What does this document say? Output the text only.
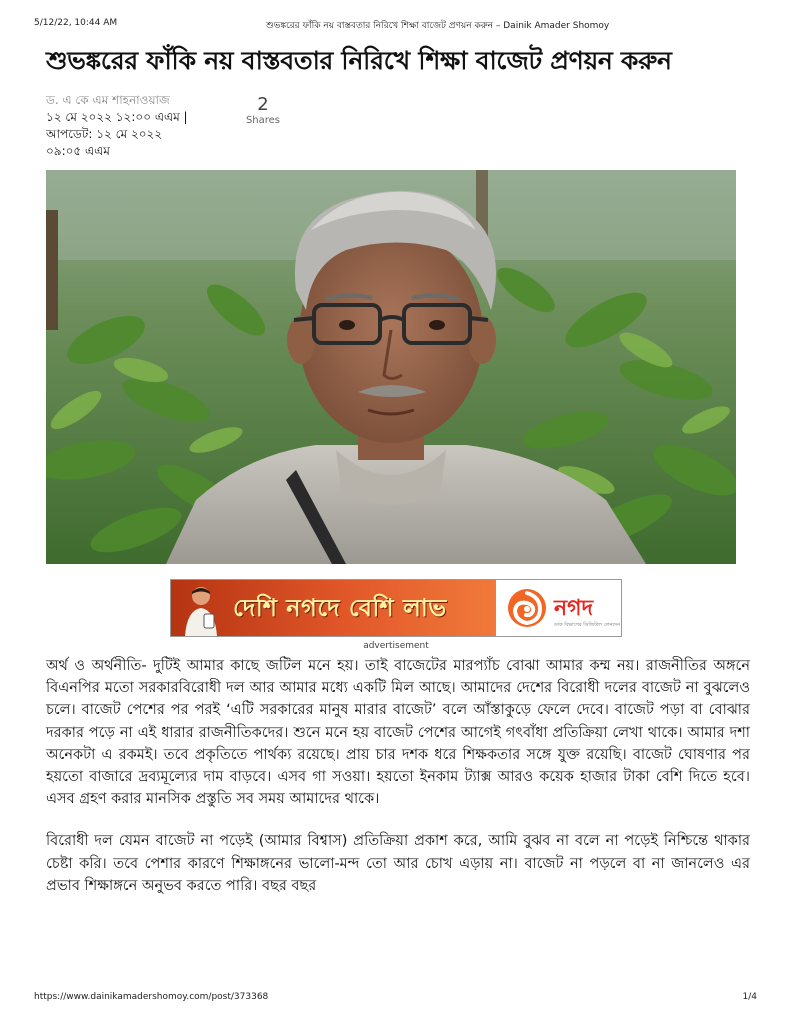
5/12/22, 10:44 AM	শুভঙ্করের ফাঁকি নয় বাস্তবতার নিরিখে শিক্ষা বাজেট প্রণয়ন করুন – Dainik Amader Shomoy
শুভঙ্করের ফাঁকি নয় বাস্তবতার নিরিখে শিক্ষা বাজেট প্রণয়ন করুন
ড. এ কে এম শাহনাওয়াজ
১২ মে ২০২২ ১২:০০ এএম |
আপডেট: ১২ মে ২০২২
০৯:০৫ এএম
2
Shares
দেশি নগদে বেশি লাভ	নগদ
ডাক বিভাগের ডিজিটাল লেনদেন
advertisement

অর্থ ও অর্থনীতি- দুটিই আমার কাছে জটিল মনে হয়। তাই বাজেটের মারপ্যাঁচ বোঝা আমার কম্ম নয়। রাজনীতির অঙ্গনে বিএনপির মতো সরকারবিরোধী দল আর আমার মধ্যে একটি মিল আছে। আমাদের দেশের বিরোধী দলের বাজেট না বুঝলেও চলে। বাজেট পেশের পর পরই ‘এটি সরকারের মানুষ মারার বাজেট’ বলে আঁস্তাকুড়ে ফেলে দেবে। বাজেট পড়া বা বোঝার দরকার পড়ে না এই ধারার রাজনীতিকদের। শুনে মনে হয় বাজেট পেশের আগেই গৎবাঁধা প্রতিক্রিয়া লেখা থাকে। আমার দশা অনেকটা এ রকমই। তবে প্রকৃতিতে পার্থক্য রয়েছে। প্রায় চার দশক ধরে শিক্ষকতার সঙ্গে যুক্ত রয়েছি। বাজেট ঘোষণার পর হয়তো বাজারে দ্রব্যমূল্যের দাম বাড়বে। এসব গা সওয়া। হয়তো ইনকাম ট্যাক্স আরও কয়েক হাজার টাকা বেশি দিতে হবে। এসব গ্রহণ করার মানসিক প্রস্তুতি সব সময় আমাদের থাকে।

বিরোধী দল যেমন বাজেট না পড়েই (আমার বিশ্বাস) প্রতিক্রিয়া প্রকাশ করে, আমি বুঝব না বলে না পড়েই নিশ্চিন্তে থাকার চেষ্টা করি। তবে পেশার কারণে শিক্ষাঙ্গনের ভালো-মন্দ তো আর চোখ এড়ায় না। বাজেট না পড়লে বা না জানলেও এর প্রভাব শিক্ষাঙ্গনে অনুভব করতে পারি। বছর বছর

https://www.dainikamadershomoy.com/post/373368	1/4
